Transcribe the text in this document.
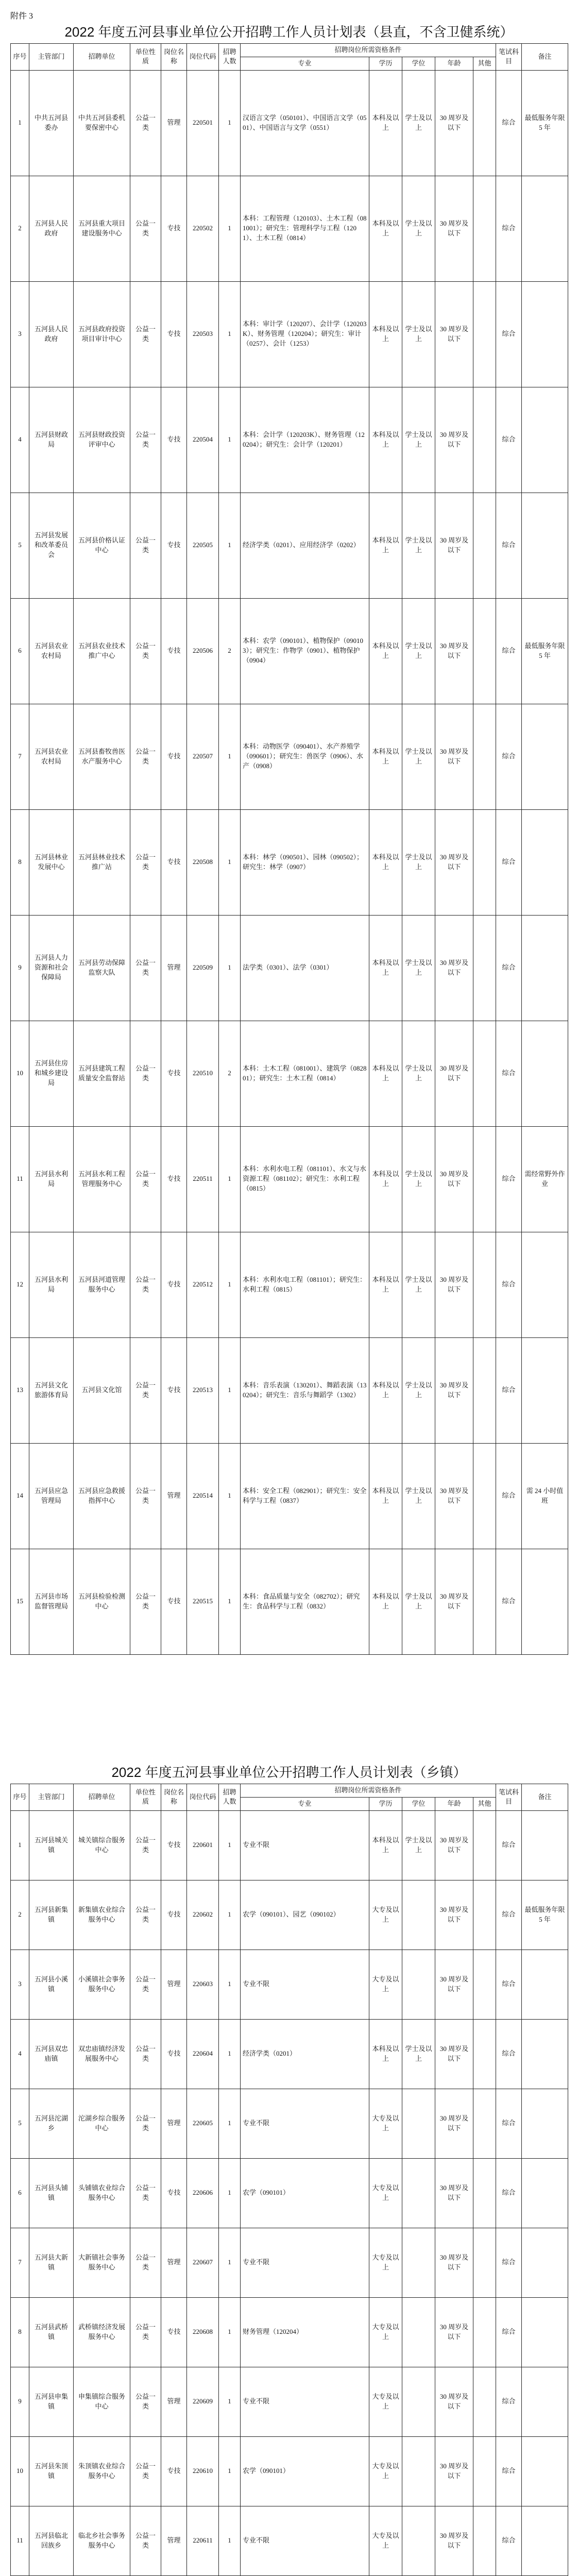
附件 3
2022 年度五河县事业单位公开招聘工作人员计划表（县直，不含卫健系统）
序号	主管部门	招聘单位	单位性质	岗位名称	岗位代码	招聘人数	招聘岗位所需资格条件					笔试科目	备注
							专业	学历	学位	年龄	其他		
1	中共五河县委办	中共五河县委机要保密中心	公益一类	管理	220501	1	汉语言文学（050101）、中国语言文学（0501）、中国语言与文学（0551）	本科及以上	学士及以上	30 周岁及以下		综合	最低服务年限 5 年
2	五河县人民政府	五河县重大项目建设服务中心	公益一类	专技	220502	1	本科：工程管理（120103）、土木工程（081001）；研究生：管理科学与工程（1201）、土木工程（0814）	本科及以上	学士及以上	30 周岁及以下		综合	
3	五河县人民政府	五河县政府投资项目审计中心	公益一类	专技	220503	1	本科：审计学（120207）、会计学（120203K）、财务管理（120204）；研究生：审计（0257）、会计（1253）	本科及以上	学士及以上	30 周岁及以下		综合	
4	五河县财政局	五河县财政投资评审中心	公益一类	专技	220504	1	本科：会计学（120203K）、财务管理（120204）；研究生：会计学（120201）	本科及以上	学士及以上	30 周岁及以下		综合	
5	五河县发展和改革委员会	五河县价格认证中心	公益一类	专技	220505	1	经济学类（0201）、应用经济学（0202）	本科及以上	学士及以上	30 周岁及以下		综合	
6	五河县农业农村局	五河县农业技术推广中心	公益一类	专技	220506	2	本科：农学（090101）、植物保护（090103）；研究生：作物学（0901）、植物保护（0904）	本科及以上	学士及以上	30 周岁及以下		综合	最低服务年限 5 年
7	五河县农业农村局	五河县畜牧兽医水产服务中心	公益一类	专技	220507	1	本科：动物医学（090401）、水产养殖学（090601）；研究生：兽医学（0906）、水产（0908）	本科及以上	学士及以上	30 周岁及以下		综合	
8	五河县林业发展中心	五河县林业技术推广站	公益一类	专技	220508	1	本科：林学（090501）、园林（090502）；研究生：林学（0907）	本科及以上	学士及以上	30 周岁及以下		综合	
9	五河县人力资源和社会保障局	五河县劳动保障监察大队	公益一类	管理	220509	1	法学类（0301）、法学（0301）	本科及以上	学士及以上	30 周岁及以下		综合	
10	五河县住房和城乡建设局	五河县建筑工程质量安全监督站	公益一类	专技	220510	2	本科：土木工程（081001）、建筑学（082801）；研究生：土木工程（0814）	本科及以上	学士及以上	30 周岁及以下		综合	
11	五河县水利局	五河县水利工程管理服务中心	公益一类	专技	220511	1	本科：水利水电工程（081101）、水文与水资源工程（081102）；研究生：水利工程（0815）	本科及以上	学士及以上	30 周岁及以下		综合	需经常野外作业
12	五河县水利局	五河县河道管理服务中心	公益一类	专技	220512	1	本科：水利水电工程（081101）；研究生：水利工程（0815）	本科及以上	学士及以上	30 周岁及以下		综合	
13	五河县文化旅游体育局	五河县文化馆	公益一类	专技	220513	1	本科：音乐表演（130201）、舞蹈表演（130204）；研究生：音乐与舞蹈学（1302）	本科及以上	学士及以上	30 周岁及以下		综合	
14	五河县应急管理局	五河县应急救援指挥中心	公益一类	管理	220514	1	本科：安全工程（082901）；研究生：安全科学与工程（0837）	本科及以上	学士及以上	30 周岁及以下		综合	需 24 小时值班
15	五河县市场监督管理局	五河县检验检测中心	公益一类	专技	220515	1	本科：食品质量与安全（082702）；研究生：食品科学与工程（0832）	本科及以上	学士及以上	30 周岁及以下		综合	
2022 年度五河县事业单位公开招聘工作人员计划表（乡镇）
序号	主管部门	招聘单位	单位性质	岗位名称	岗位代码	招聘人数	招聘岗位所需资格条件					笔试科目	备注
							专业	学历	学位	年龄	其他		
1	五河县城关镇	城关镇综合服务中心	公益一类	专技	220601	1	专业不限	本科及以上	学士及以上	30 周岁及以下		综合	
2	五河县新集镇	新集镇农业综合服务中心	公益一类	专技	220602	1	农学（090101）、园艺（090102）	大专及以上		30 周岁及以下		综合	最低服务年限 5 年
3	五河县小溪镇	小溪镇社会事务服务中心	公益一类	管理	220603	1	专业不限	大专及以上		30 周岁及以下		综合	
4	五河县双忠庙镇	双忠庙镇经济发展服务中心	公益一类	专技	220604	1	经济学类（0201）	本科及以上	学士及以上	30 周岁及以下		综合	
5	五河县沱湖乡	沱湖乡综合服务中心	公益一类	管理	220605	1	专业不限	大专及以上		30 周岁及以下		综合	
6	五河县头铺镇	头铺镇农业综合服务中心	公益一类	专技	220606	1	农学（090101）	大专及以上		30 周岁及以下		综合	
7	五河县大新镇	大新镇社会事务服务中心	公益一类	管理	220607	1	专业不限	大专及以上		30 周岁及以下		综合	
8	五河县武桥镇	武桥镇经济发展服务中心	公益一类	专技	220608	1	财务管理（120204）	大专及以上		30 周岁及以下		综合	
9	五河县申集镇	申集镇综合服务中心	公益一类	管理	220609	1	专业不限	大专及以上		30 周岁及以下		综合	
10	五河县朱顶镇	朱顶镇农业综合服务中心	公益一类	专技	220610	1	农学（090101）	大专及以上		30 周岁及以下		综合	
11	五河县临北回族乡	临北乡社会事务服务中心	公益一类	管理	220611	1	专业不限	大专及以上		30 周岁及以下		综合	
